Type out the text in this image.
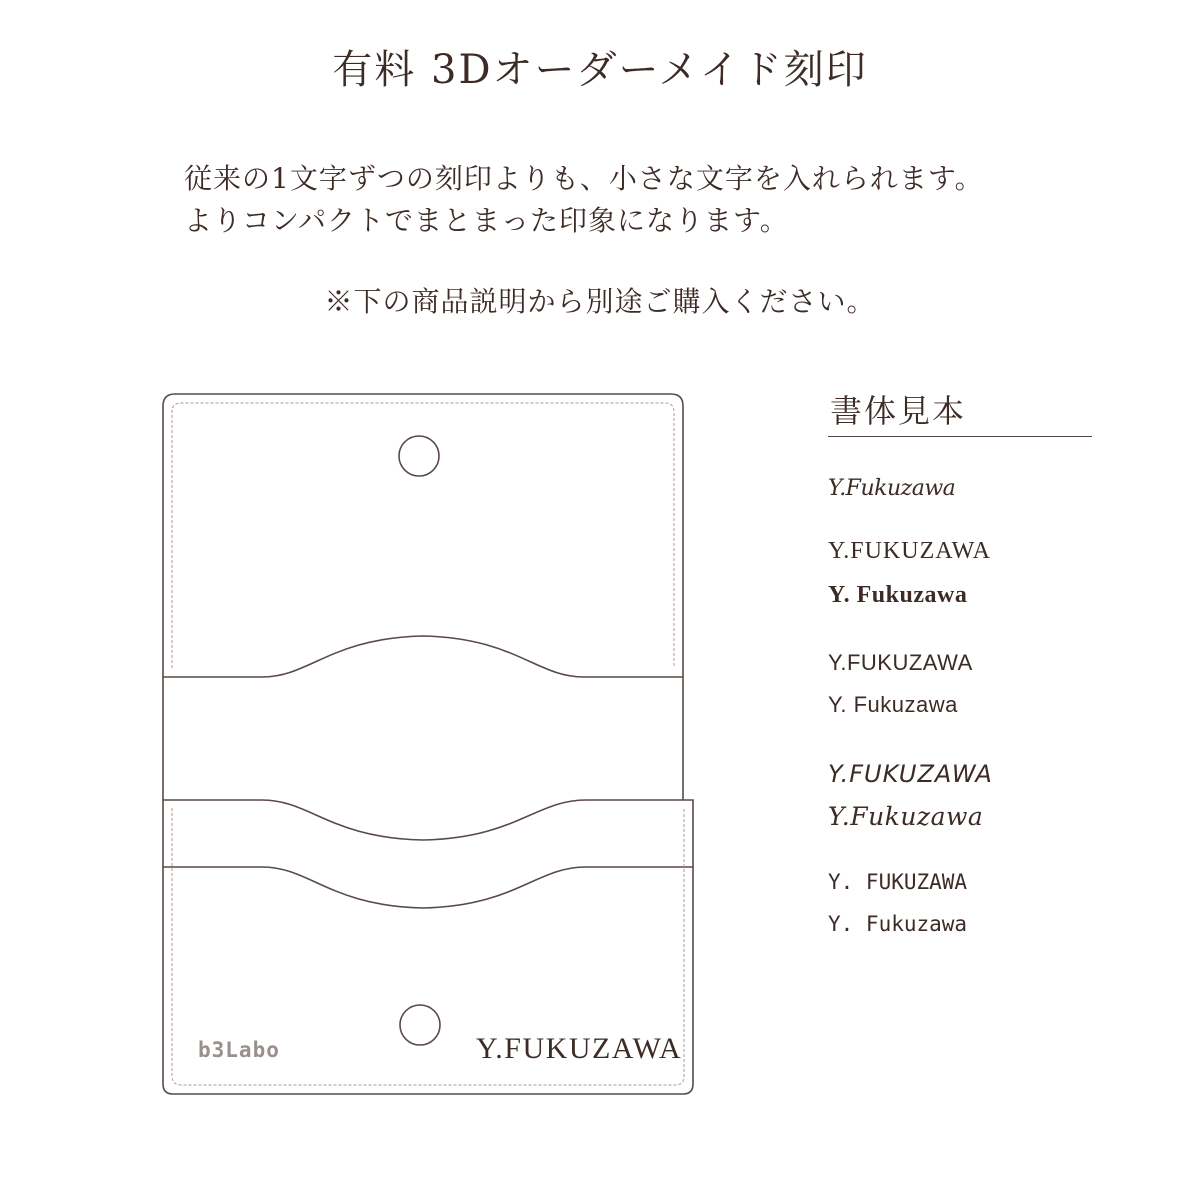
有料 3Dオーダーメイド刻印
従来の1文字ずつの刻印よりも、小さな文字を入れられます。
よりコンパクトでまとまった印象になります。
※下の商品説明から別途ご購入ください。
b3Labo	Y.FUKUZAWA
書体見本
Y.Fukuzawa
Y.FUKUZAWA
Y. Fukuzawa
Y.FUKUZAWA
Y. Fukuzawa
Y.FUKUZAWA
Y.Fukuzawa
Y. FUKUZAWA
Y. Fukuzawa
